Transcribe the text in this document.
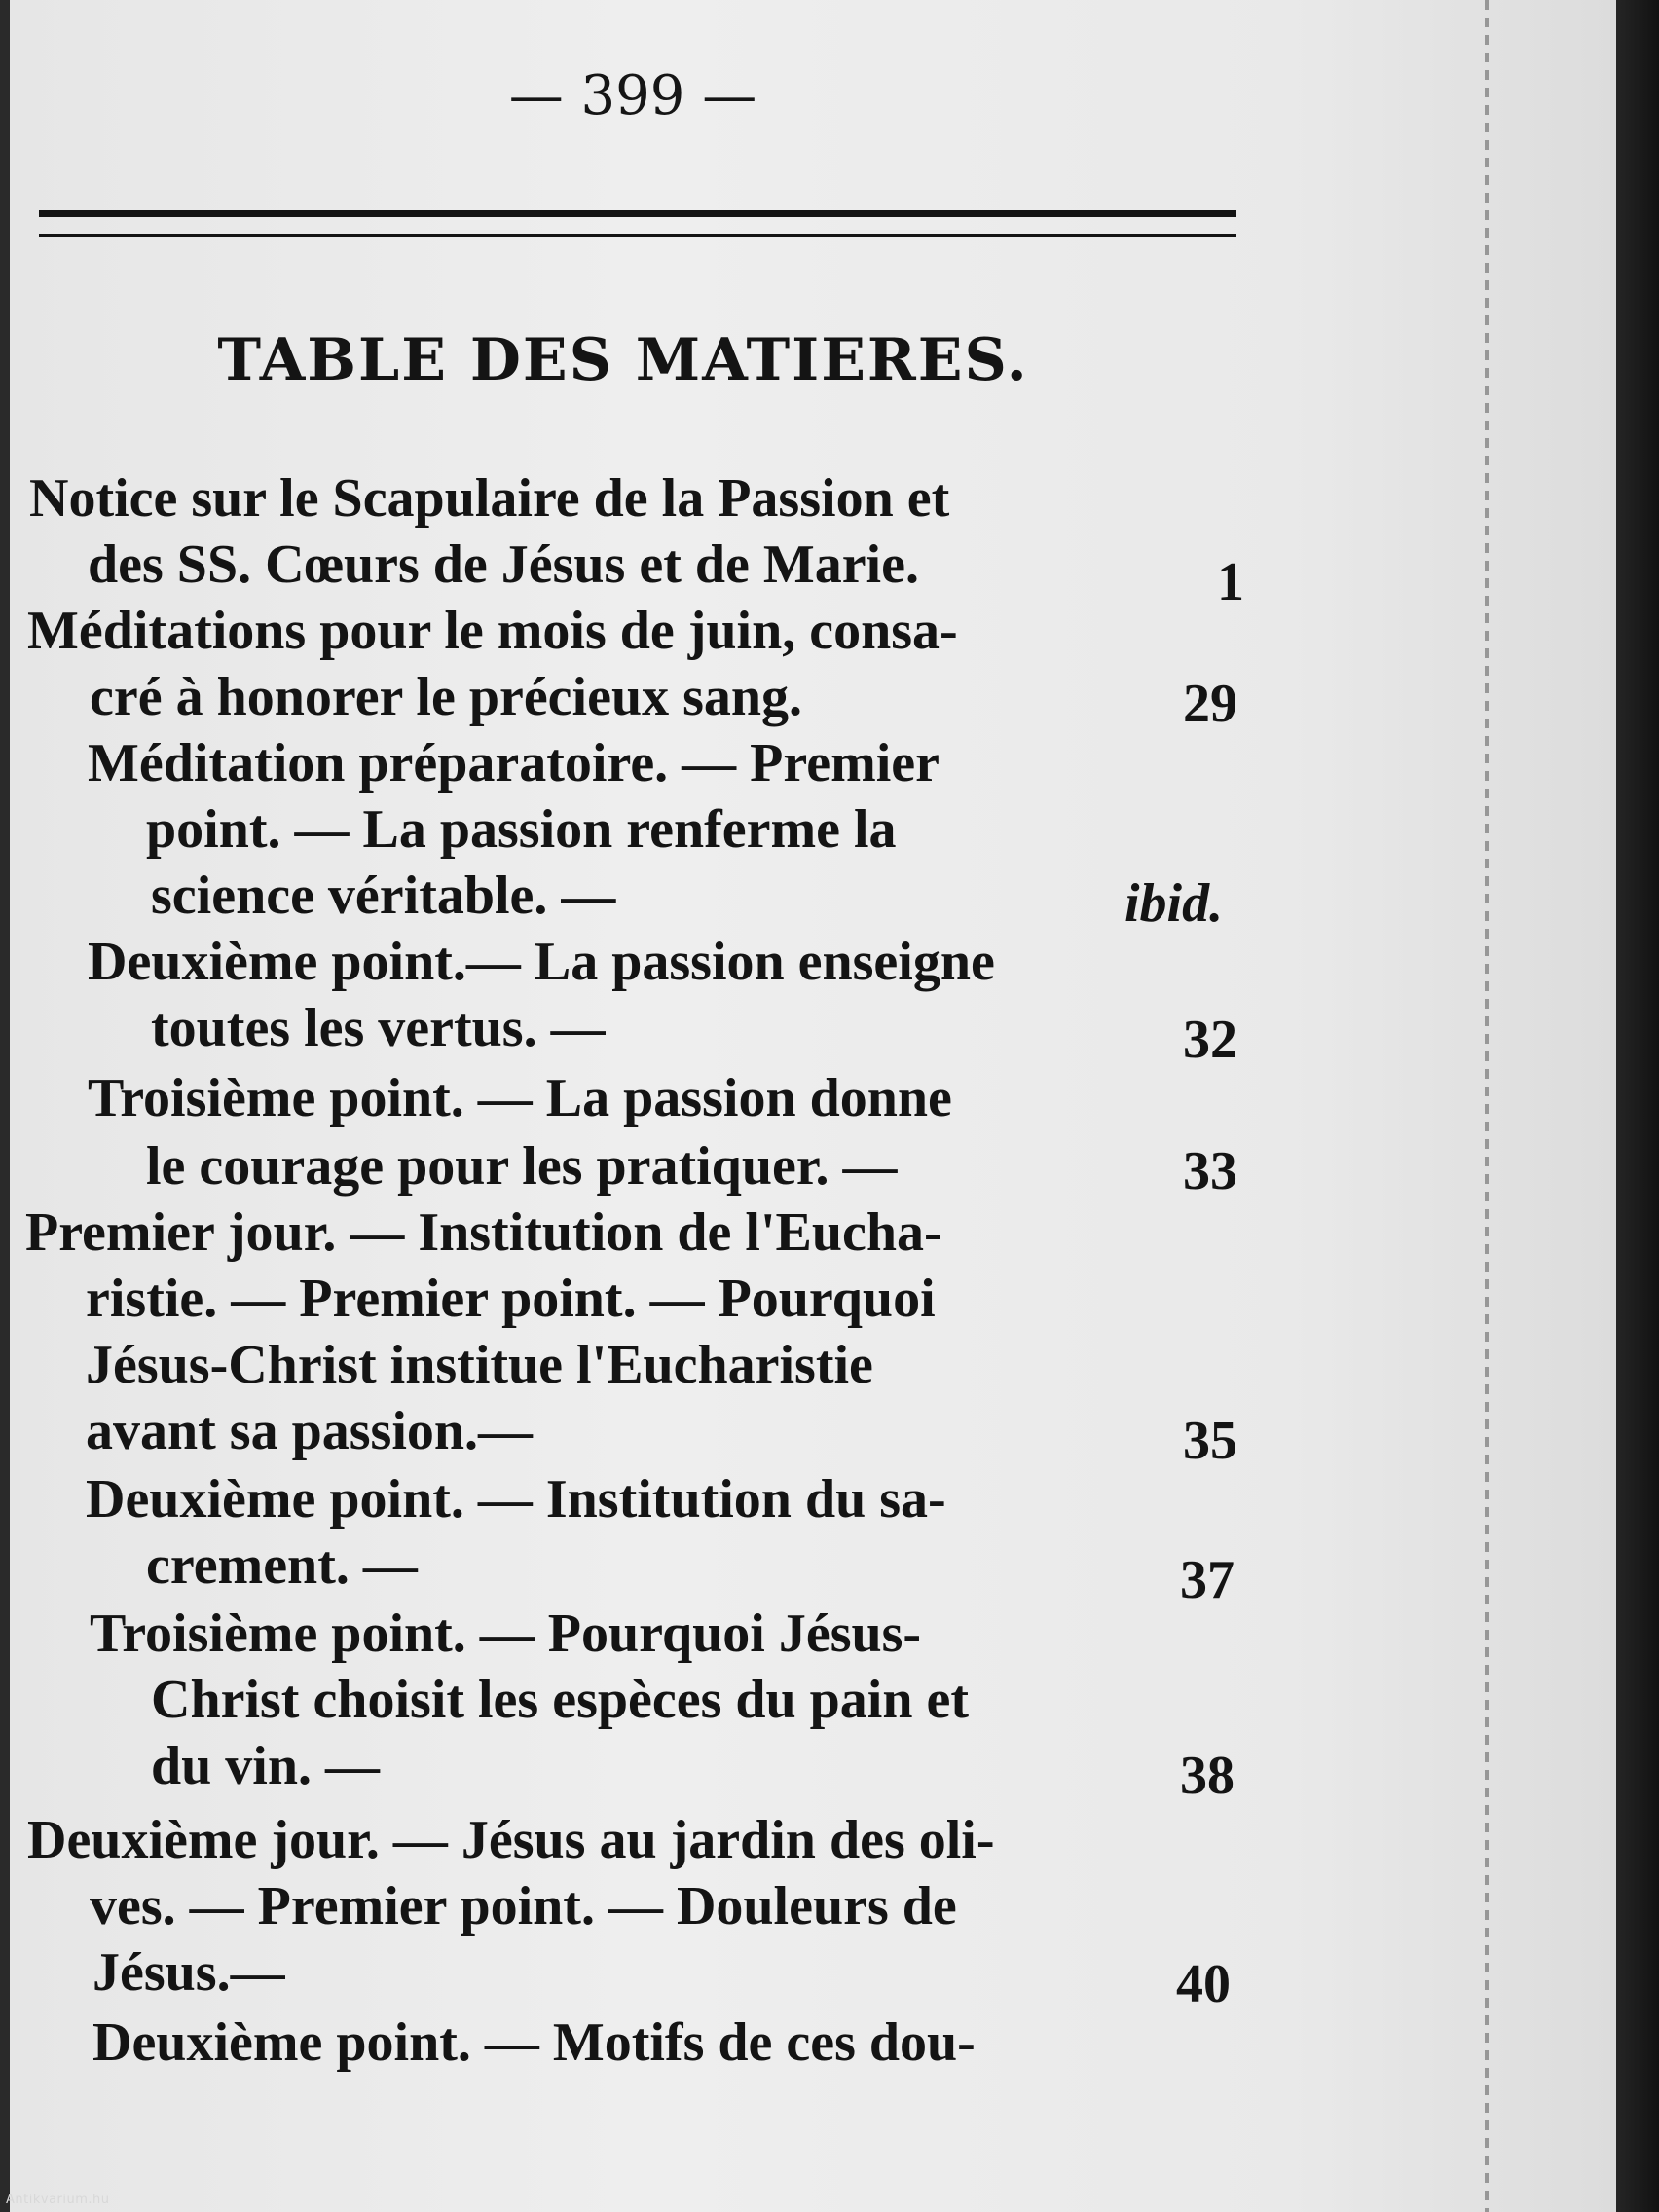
— 399 —
TABLE DES MATIERES.
Notice sur le Scapulaire de la Passion et
des SS. Cœurs de Jésus et de Marie.	1
Méditations pour le mois de juin, consa-
cré à honorer le précieux sang.	29
Méditation préparatoire. — Premier
point. — La passion renferme la
science véritable. —	ibid.
Deuxième point.— La passion enseigne
toutes les vertus. —	32
Troisième point. — La passion donne
le courage pour les pratiquer. —	33
Premier jour. — Institution de l'Eucha-
ristie. — Premier point. — Pourquoi
Jésus-Christ institue l'Eucharistie
avant sa passion.—	35
Deuxième point. — Institution du sa-
crement. —	37
Troisième point. — Pourquoi Jésus-
Christ choisit les espèces du pain et
du vin. —	38
Deuxième jour. — Jésus au jardin des oli-
ves. — Premier point. — Douleurs de
Jésus.—	40
Deuxième point. — Motifs de ces dou-
Antikvarium.hu
